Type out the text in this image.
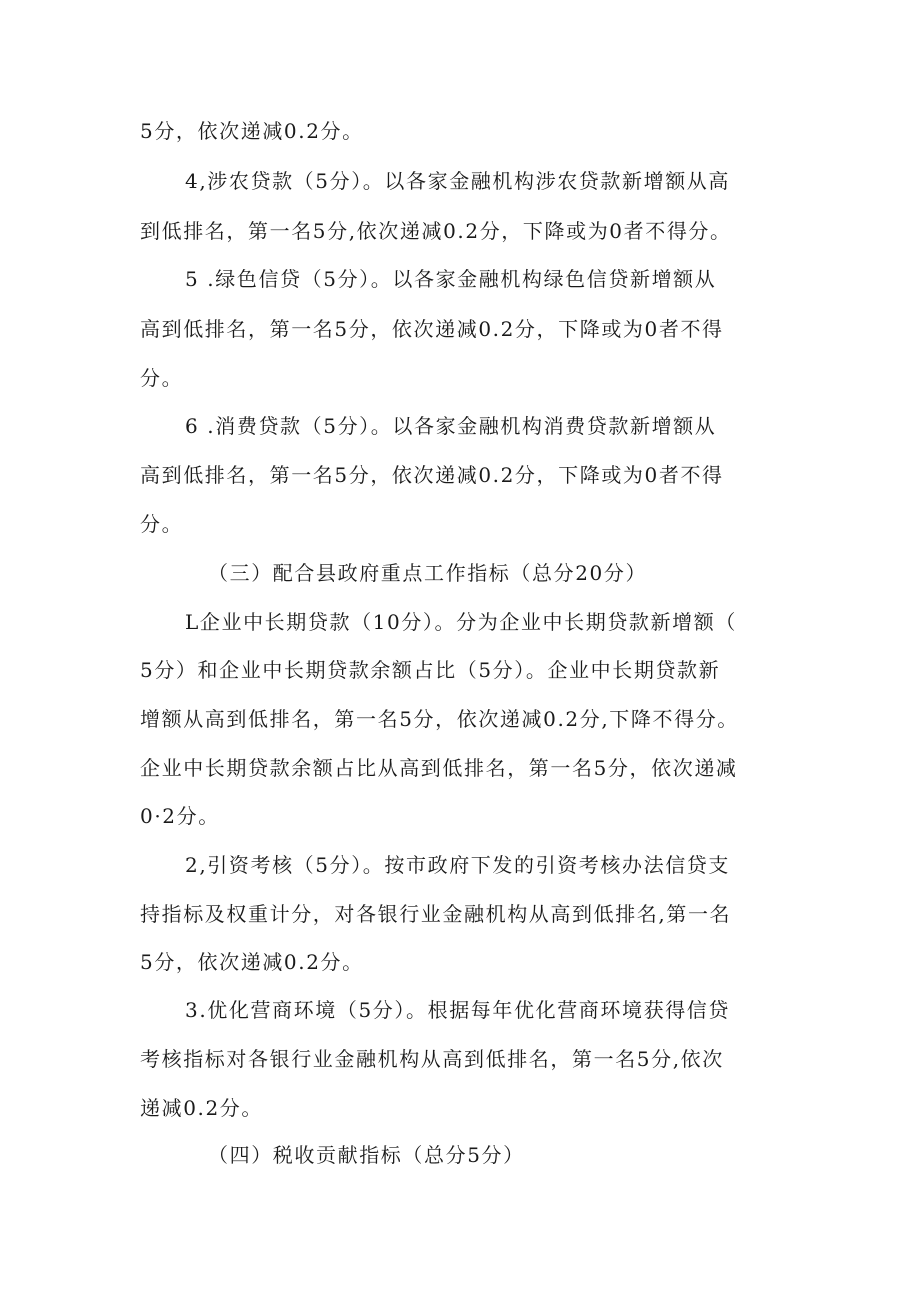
5分，依次递减0.2分。
4,涉农贷款（5分）。以各家金融机构涉农贷款新增额从高
到低排名，第一名5分,依次递减0.2分，下降或为0者不得分。
5 .绿色信贷（5分）。以各家金融机构绿色信贷新增额从
高到低排名，第一名5分，依次递减0.2分，下降或为0者不得
分。
6 .消费贷款（5分）。以各家金融机构消费贷款新增额从
高到低排名，第一名5分，依次递减0.2分，下降或为0者不得
分。
（三）配合县政府重点工作指标（总分20分）
L企业中长期贷款（10分）。分为企业中长期贷款新增额（
5分）和企业中长期贷款余额占比（5分）。企业中长期贷款新
增额从高到低排名，第一名5分，依次递减0.2分,下降不得分。
企业中长期贷款余额占比从高到低排名，第一名5分，依次递减
0·2分。
2,引资考核（5分）。按市政府下发的引资考核办法信贷支
持指标及权重计分，对各银行业金融机构从高到低排名,第一名
5分，依次递减0.2分。
3.优化营商环境（5分）。根据每年优化营商环境获得信贷
考核指标对各银行业金融机构从高到低排名，第一名5分,依次
递减0.2分。
（四）税收贡献指标（总分5分）
